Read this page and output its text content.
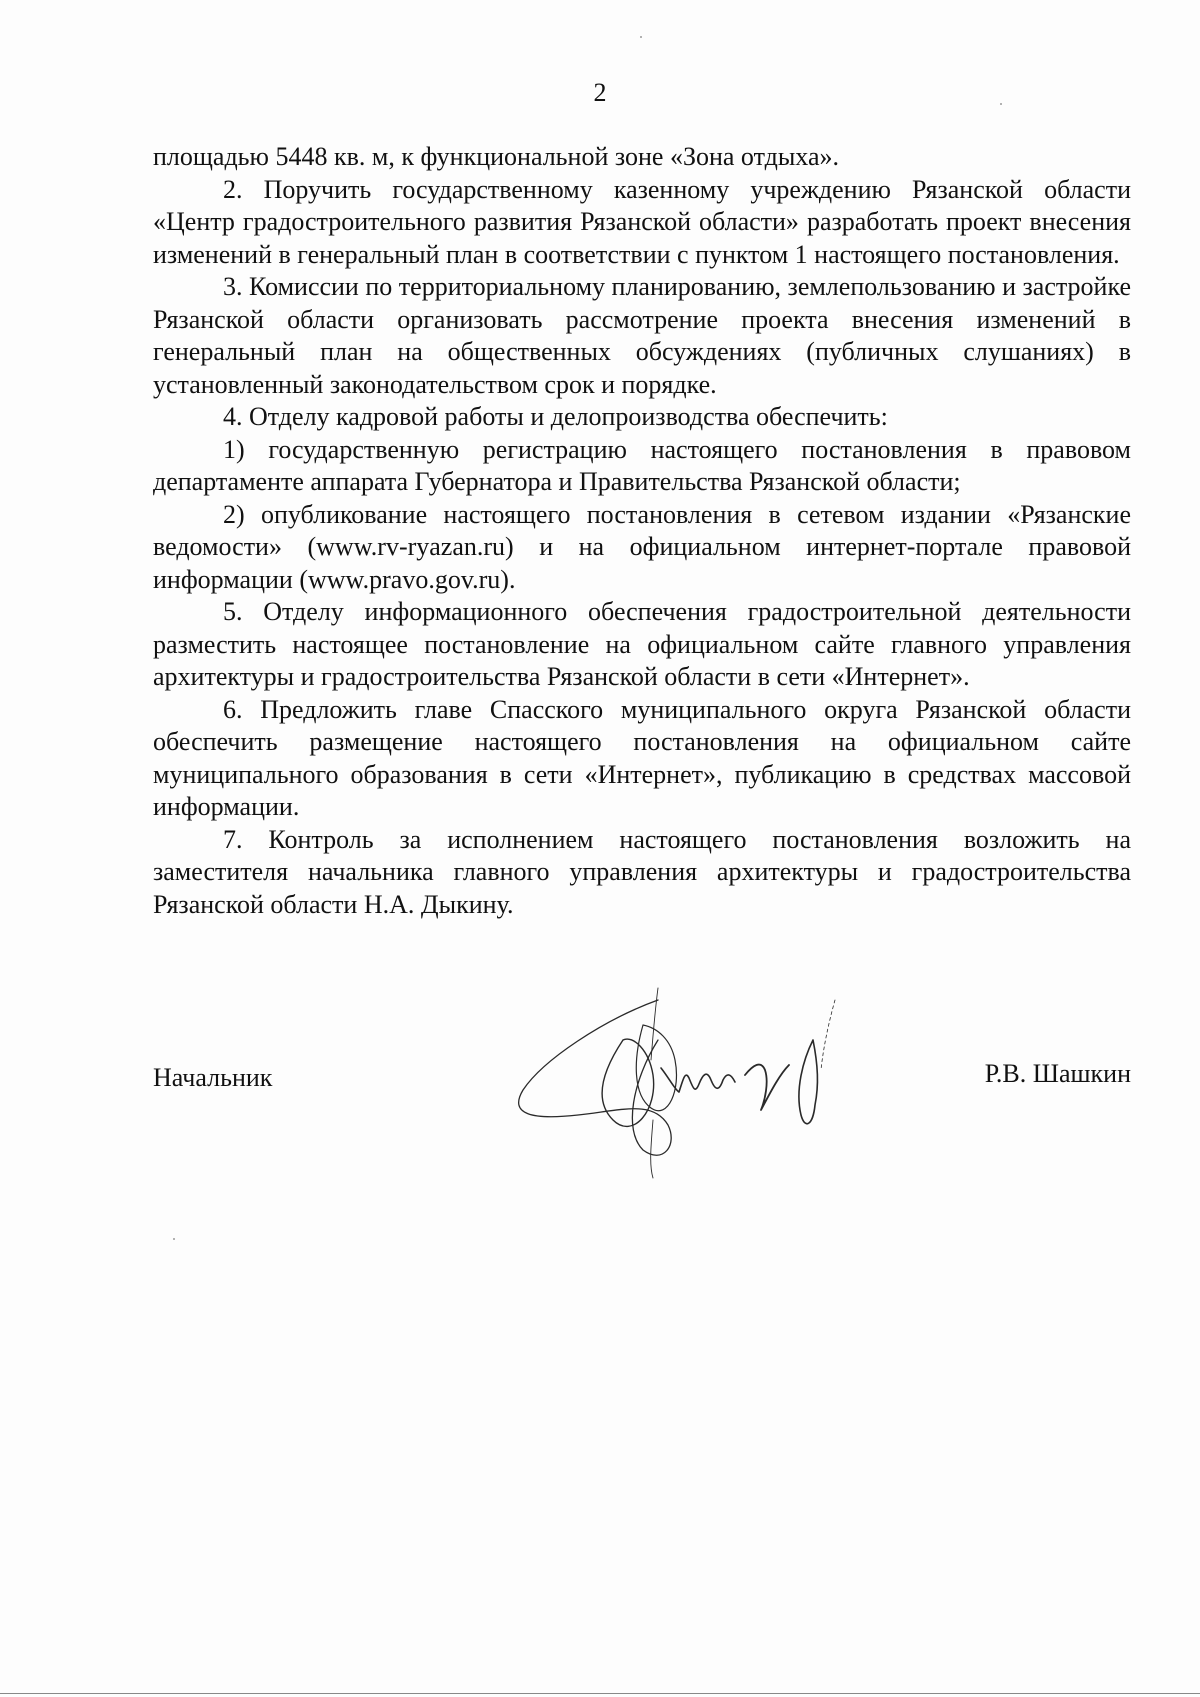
2

площадью 5448 кв. м, к функциональной зоне «Зона отдыха».

2. Поручить государственному казенному учреждению Рязанской области «Центр градостроительного развития Рязанской области» разработать проект внесения изменений в генеральный план в соответствии с пунктом 1 настоящего постановления.

3. Комиссии по территориальному планированию, землепользованию и застройке Рязанской области организовать рассмотрение проекта внесения изменений в генеральный план на общественных обсуждениях (публичных слушаниях) в установленный законодательством срок и порядке.

4. Отделу кадровой работы и делопроизводства обеспечить:

1) государственную регистрацию настоящего постановления в правовом департаменте аппарата Губернатора и Правительства Рязанской области;

2) опубликование настоящего постановления в сетевом издании «Рязанские ведомости» (www.rv-ryazan.ru) и на официальном интернет-портале правовой информации (www.pravo.gov.ru).

5. Отделу информационного обеспечения градостроительной деятельности разместить настоящее постановление на официальном сайте главного управления архитектуры и градостроительства Рязанской области в сети «Интернет».

6. Предложить главе Спасского муниципального округа Рязанской области обеспечить размещение настоящего постановления на официальном сайте муниципального образования в сети «Интернет», публикацию в средствах массовой информации.

7. Контроль за исполнением настоящего постановления возложить на заместителя начальника главного управления архитектуры и градостроительства Рязанской области Н.А. Дыкину.

Начальник	Р.В. Шашкин
